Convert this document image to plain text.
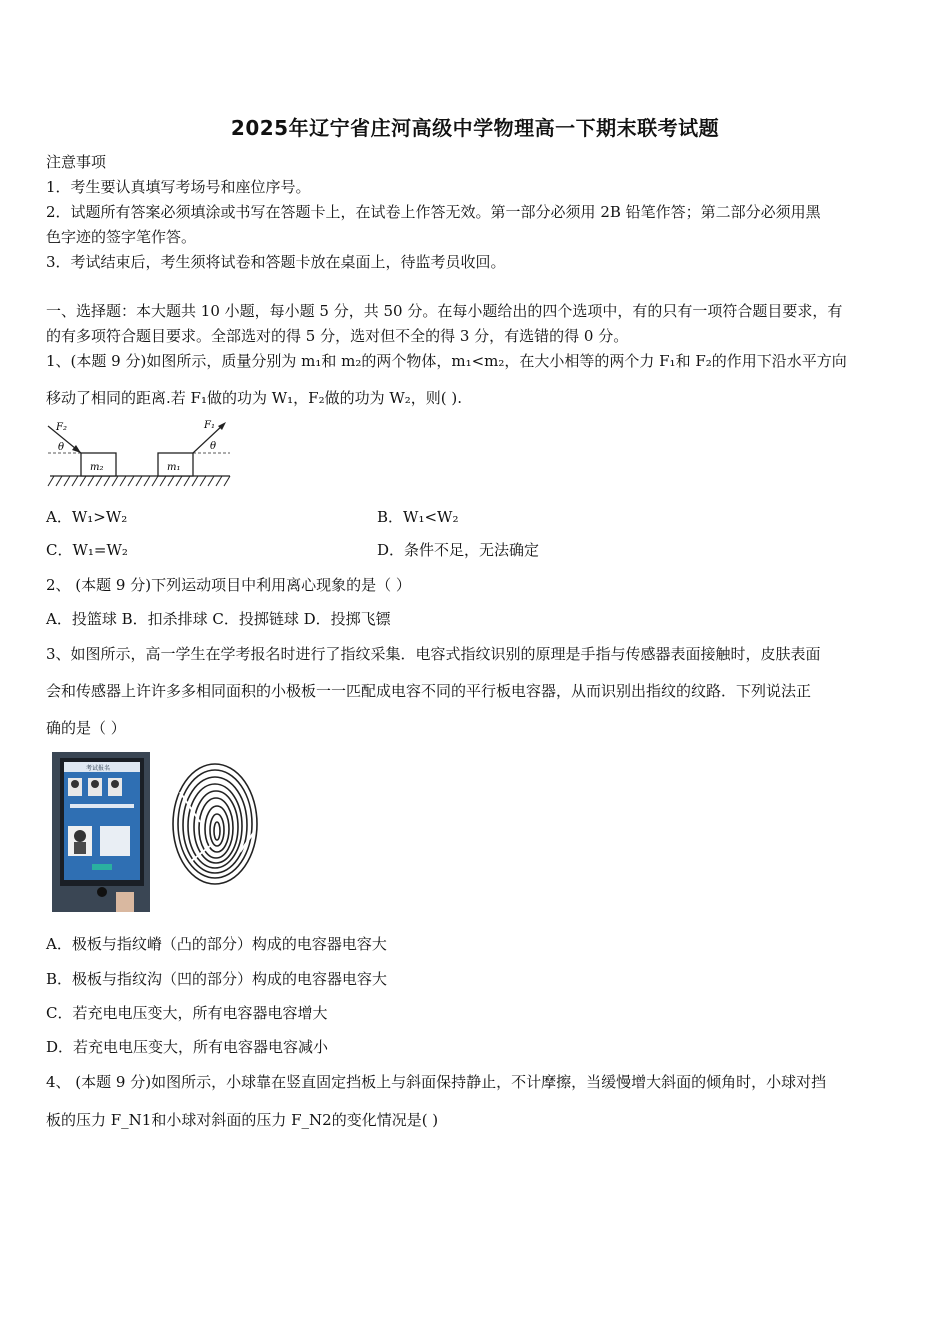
2025年辽宁省庄河高级中学物理高一下期末联考试题
注意事项
1．考生要认真填写考场号和座位序号。
2．试题所有答案必须填涂或书写在答题卡上，在试卷上作答无效。第一部分必须用 2B 铅笔作答；第二部分必须用黑
色字迹的签字笔作答。
3．考试结束后，考生须将试卷和答题卡放在桌面上，待监考员收回。
一、选择题：本大题共 10 小题，每小题 5 分，共 50 分。在每小题给出的四个选项中，有的只有一项符合题目要求，有
的有多项符合题目要求。全部选对的得 5 分，选对但不全的得 3 分，有选错的得 0 分。
1、(本题 9 分)如图所示，质量分别为 m₁和 m₂的两个物体，m₁<m₂，在大小相等的两个力 F₁和 F₂的作用下沿水平方向
移动了相同的距离.若 F₁做的功为 W₁，F₂做的功为 W₂，则( ).
m₂	m₁
F₂
θ
F₁
θ
A．W₁>W₂	B．W₁<W₂
C．W₁=W₂	D．条件不足，无法确定
2、 (本题 9 分)下列运动项目中利用离心现象的是（ ）
A．投篮球 B．扣杀排球 C．投掷链球 D．投掷飞镖
3、如图所示，高一学生在学考报名时进行了指纹采集．电容式指纹识别的原理是手指与传感器表面接触时，皮肤表面
会和传感器上许许多多相同面积的小极板一一匹配成电容不同的平行板电容器，从而识别出指纹的纹路．下列说法正
确的是（ ）
考试报名
A．极板与指纹嵴（凸的部分）构成的电容器电容大
B．极板与指纹沟（凹的部分）构成的电容器电容大
C．若充电电压变大，所有电容器电容增大
D．若充电电压变大，所有电容器电容减小
4、 (本题 9 分)如图所示，小球靠在竖直固定挡板上与斜面保持静止，不计摩擦，当缓慢增大斜面的倾角时，小球对挡
板的压力 F_N1和小球对斜面的压力 F_N2的变化情况是( )
